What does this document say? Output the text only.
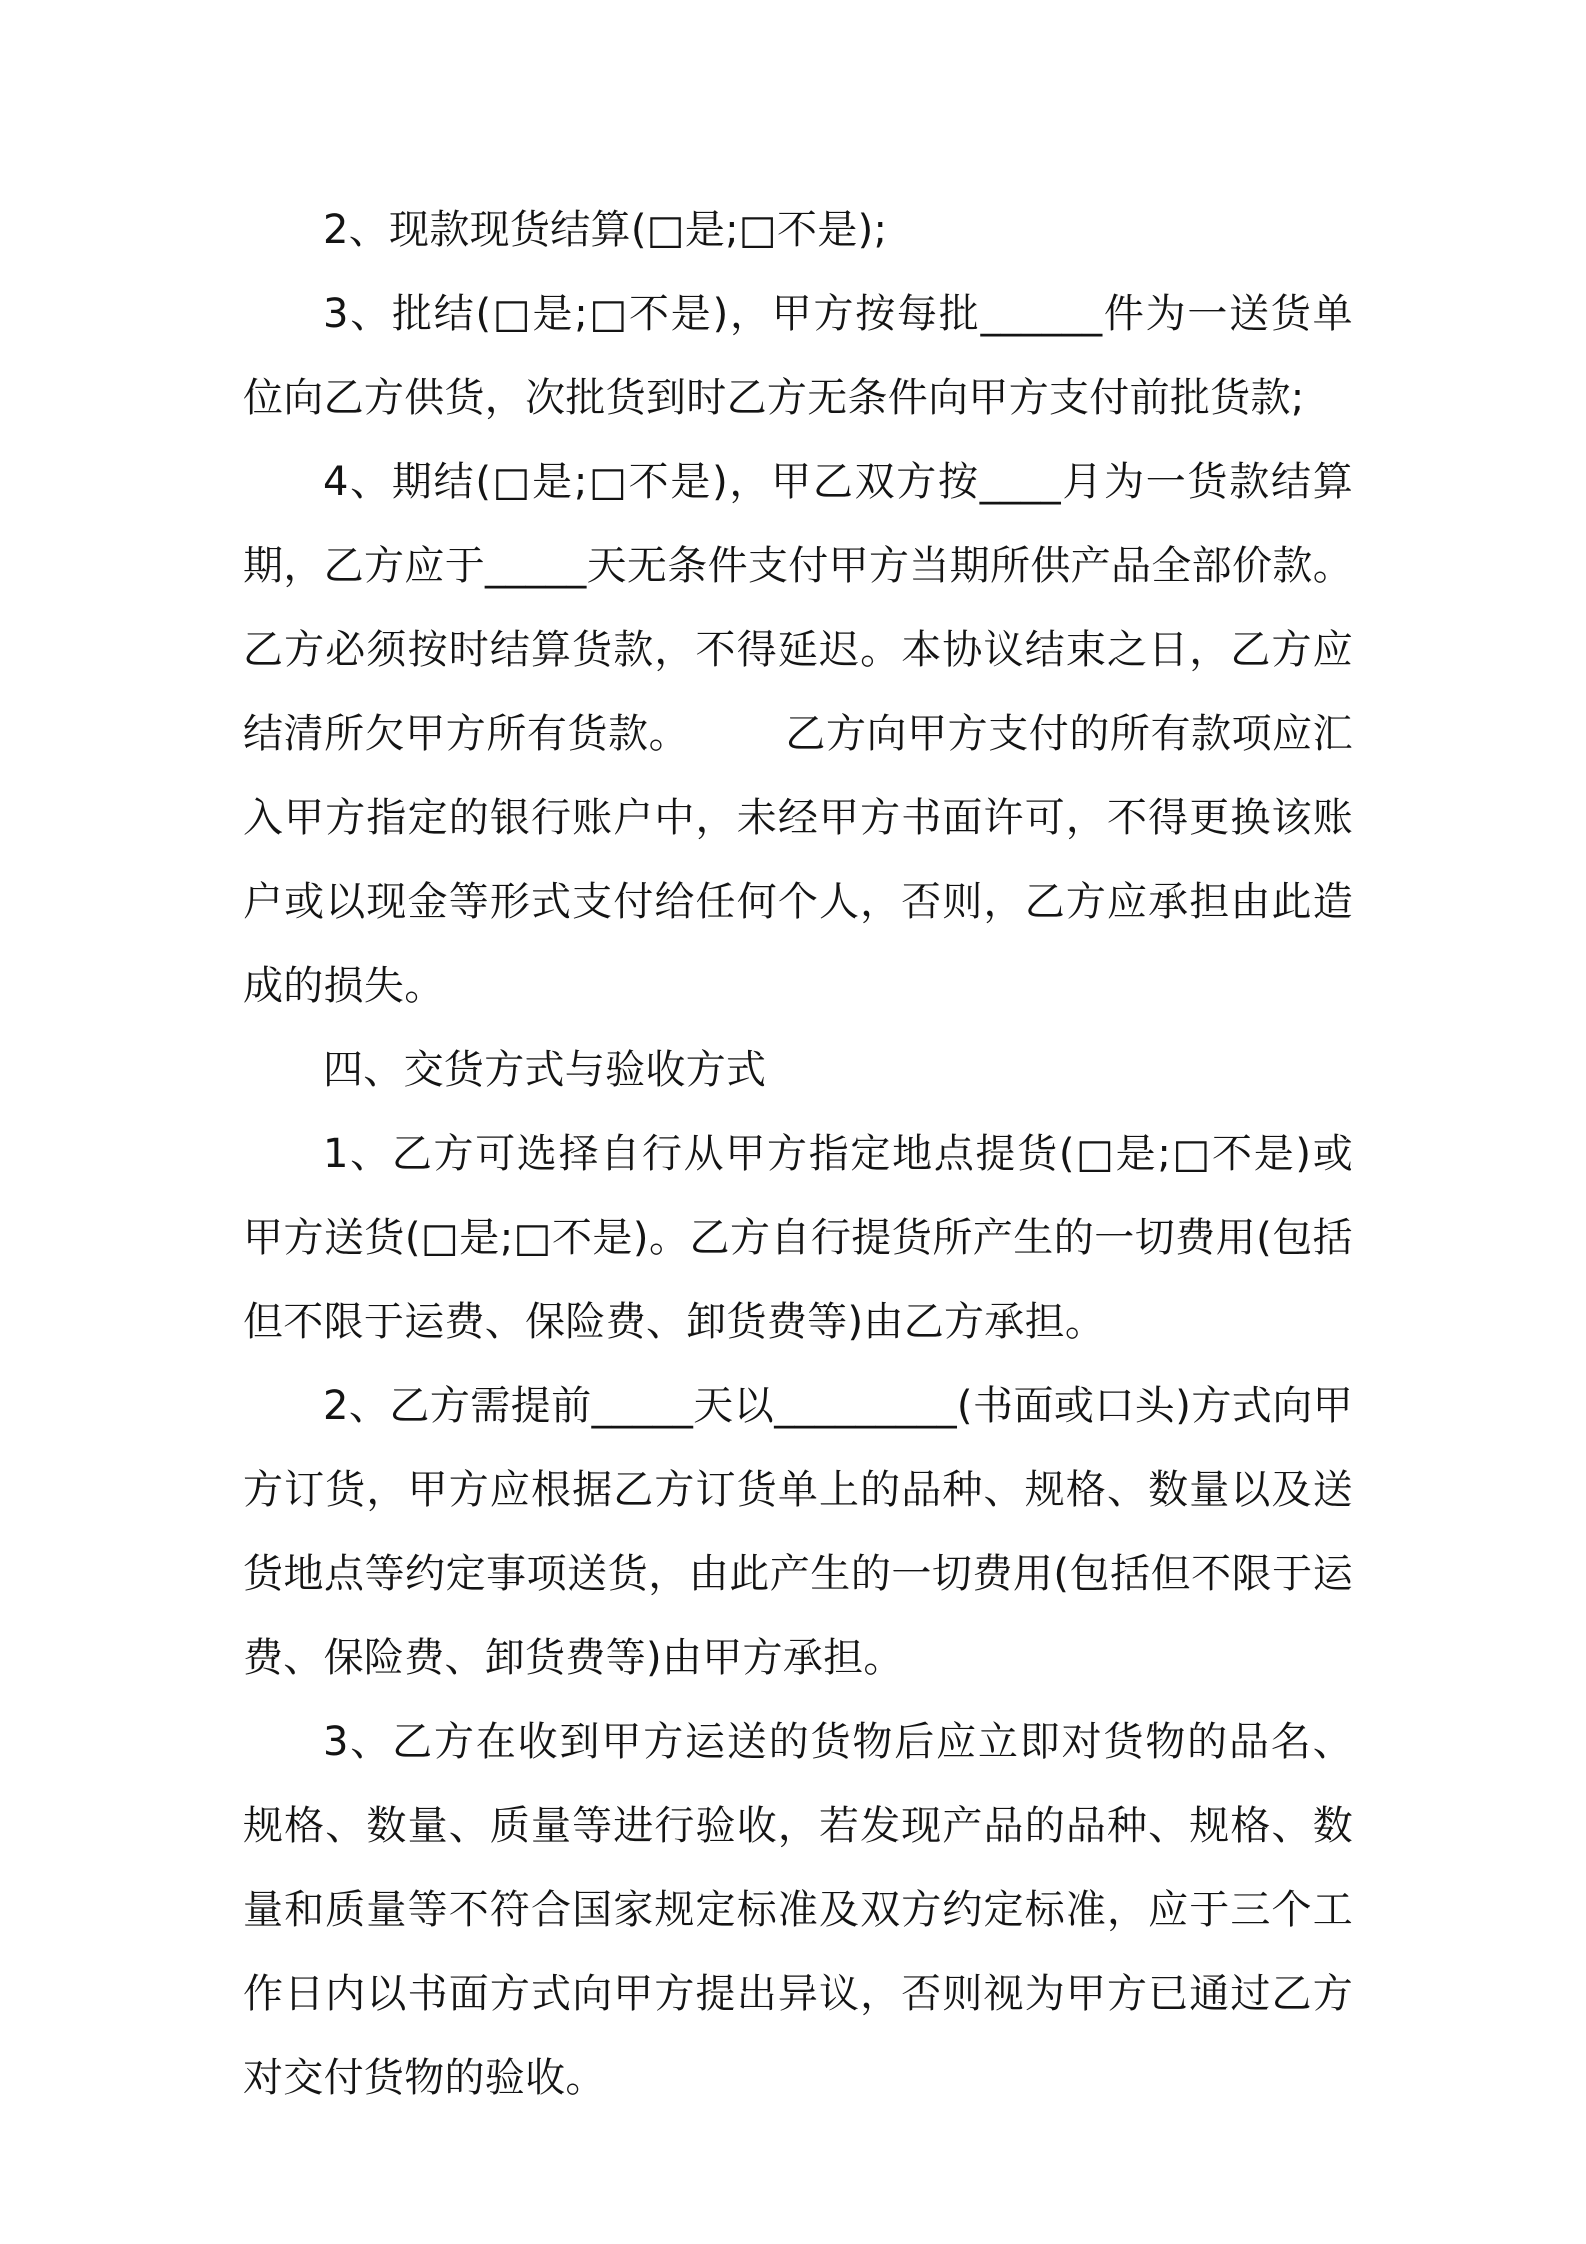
2、现款现货结算(□是;□不是);

3、批结(□是;□不是)，甲方按每批______件为一送货单位向乙方供货，次批货到时乙方无条件向甲方支付前批货款;

4、期结(□是;□不是)，甲乙双方按____月为一货款结算期，乙方应于_____天无条件支付甲方当期所供产品全部价款。乙方必须按时结算货款，不得延迟。本协议结束之日，乙方应结清所欠甲方所有货款。 乙方向甲方支付的所有款项应汇入甲方指定的银行账户中，未经甲方书面许可，不得更换该账户或以现金等形式支付给任何个人，否则，乙方应承担由此造成的损失。

四、交货方式与验收方式

1、乙方可选择自行从甲方指定地点提货(□是;□不是)或甲方送货(□是;□不是)。乙方自行提货所产生的一切费用(包括但不限于运费、保险费、卸货费等)由乙方承担。

2、乙方需提前_____天以_________(书面或口头)方式向甲方订货，甲方应根据乙方订货单上的品种、规格、数量以及送货地点等约定事项送货，由此产生的一切费用(包括但不限于运费、保险费、卸货费等)由甲方承担。

3、乙方在收到甲方运送的货物后应立即对货物的品名、规格、数量、质量等进行验收，若发现产品的品种、规格、数量和质量等不符合国家规定标准及双方约定标准，应于三个工作日内以书面方式向甲方提出异议，否则视为甲方已通过乙方对交付货物的验收。
